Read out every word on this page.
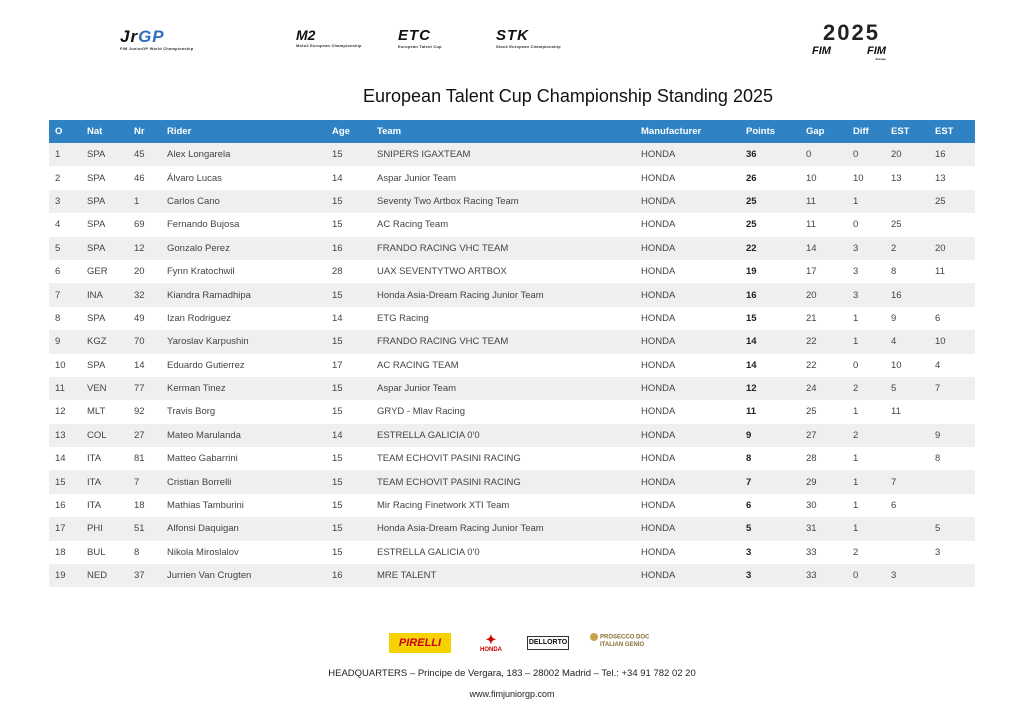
JrGP
FIM JuniorGP World Championship
M2
Moto2 European Championship
ETC
European Talent Cup
STK
Stock European Championship
2025
FIM	FIM
Europe
European Talent Cup Championship Standing 2025
O	Nat	Nr	Rider	Age	Team	Manufacturer	Points	Gap	Diff	EST	EST
1	SPA	45	Alex Longarela	15	SNIPERS IGAXTEAM	HONDA	36	0	0	20	16
2	SPA	46	Álvaro Lucas	14	Aspar Junior Team	HONDA	26	10	10	13	13
3	SPA	1	Carlos Cano	15	Seventy Two Artbox Racing Team	HONDA	25	11	1		25
4	SPA	69	Fernando Bujosa	15	AC Racing Team	HONDA	25	11	0	25	
5	SPA	12	Gonzalo Perez	16	FRANDO RACING VHC TEAM	HONDA	22	14	3	2	20
6	GER	20	Fynn Kratochwil	28	UAX SEVENTYTWO ARTBOX	HONDA	19	17	3	8	11
7	INA	32	Kiandra Ramadhipa	15	Honda Asia-Dream Racing Junior Team	HONDA	16	20	3	16	
8	SPA	49	Izan Rodriguez	14	ETG Racing	HONDA	15	21	1	9	6
9	KGZ	70	Yaroslav Karpushin	15	FRANDO RACING VHC TEAM	HONDA	14	22	1	4	10
10	SPA	14	Eduardo Gutierrez	17	AC RACING TEAM	HONDA	14	22	0	10	4
11	VEN	77	Kerman Tinez	15	Aspar Junior Team	HONDA	12	24	2	5	7
12	MLT	92	Travis Borg	15	GRYD - Mlav Racing	HONDA	11	25	1	11	
13	COL	27	Mateo Marulanda	14	ESTRELLA GALICIA 0'0	HONDA	9	27	2		9
14	ITA	81	Matteo Gabarrini	15	TEAM ECHOVIT PASINI RACING	HONDA	8	28	1		8
15	ITA	7	Cristian Borrelli	15	TEAM ECHOVIT PASINI RACING	HONDA	7	29	1	7	
16	ITA	18	Mathias Tamburini	15	Mir Racing Finetwork XTI Team	HONDA	6	30	1	6	
17	PHI	51	Alfonsi Daquigan	15	Honda Asia-Dream Racing Junior Team	HONDA	5	31	1		5
18	BUL	8	Nikola Miroslalov	15	ESTRELLA GALICIA 0'0	HONDA	3	33	2		3
19	NED	37	Jurrien Van Crugten	16	MRE TALENT	HONDA	3	33	0	3	
PIRELLI	✦
HONDA
DELLORTO
PROSECCO DOC
ITALIAN GENIO
HEADQUARTERS – Principe de Vergara, 183 – 28002 Madrid – Tel.: +34 91 782 02 20
www.fimjuniorgp.com
